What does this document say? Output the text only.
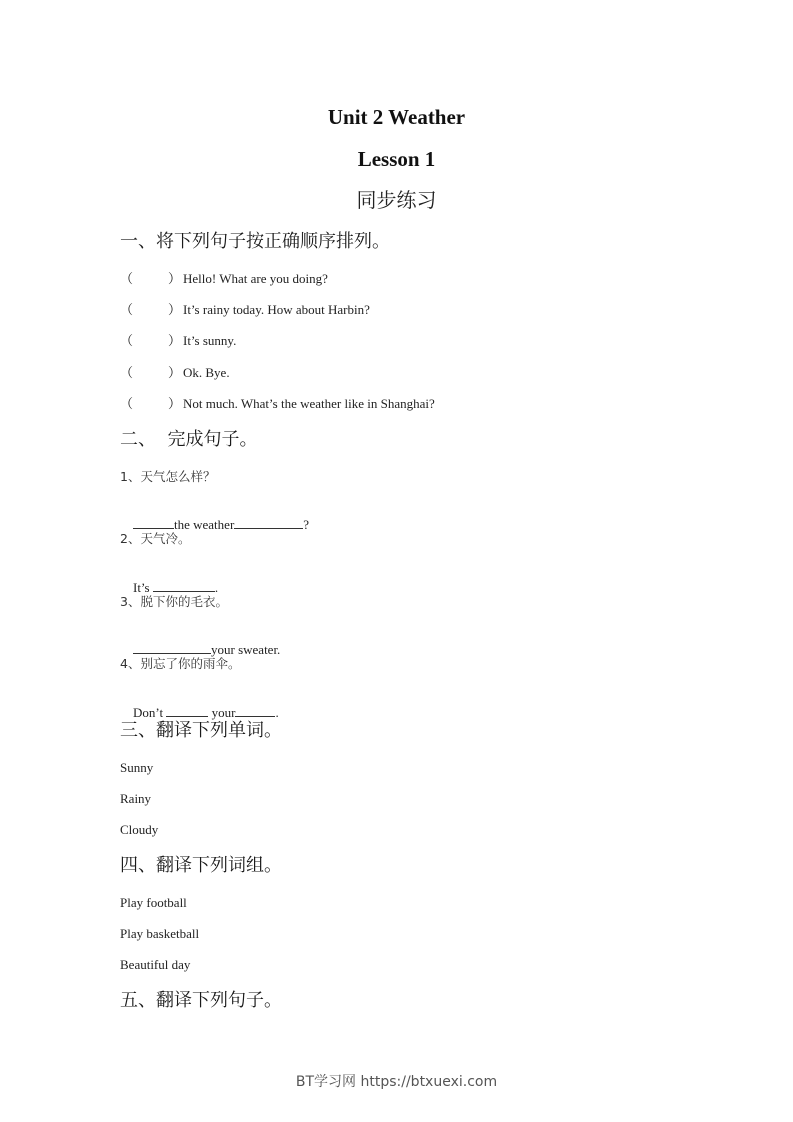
Unit 2 Weather
Lesson 1
同步练习
一、将下列句子按正确顺序排列。
（	） Hello! What are you doing?
（	） It’s rainy today. How about Harbin?
（	） It’s sunny.
（	） Ok. Bye.
（	） Not much. What’s the weather like in Shanghai?
二、  完成句子。
1、天气怎么样？

the weather	?

2、天气冷。

It’s	.

3、脱下你的毛衣。

your sweater.

4、别忘了你的雨伞。

Don’t	your	.

三、翻译下列单词。
Sunny
Rainy
Cloudy
四、翻译下列词组。
Play football
Play basketball
Beautiful day
五、翻译下列句子。
BT学习网 https://btxuexi.com
